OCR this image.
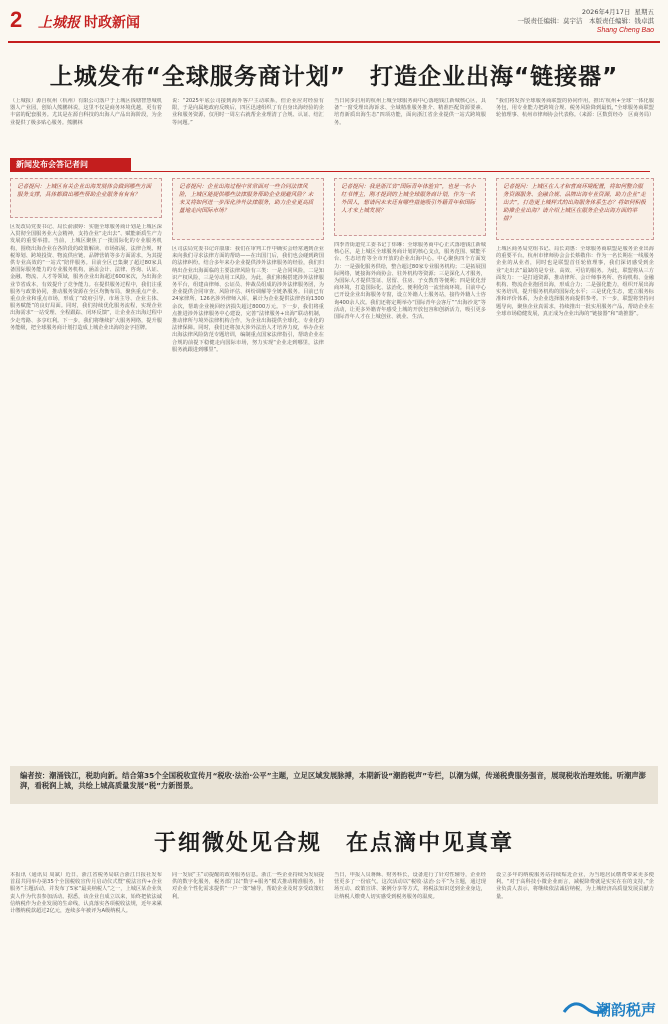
2 上城报 时政新闻
2026年4月17日 星期五
一版责任编辑：莫宇洁　本版责任编辑：钱卓淇
Shang Cheng Bao
上城发布“全球服务商计划”　打造企业出海“链接器”
（上城报）源自杭州（杭州）有限公司落户于上城区钱塘智慧城机器人产业园，创始人熊鹏林说，这里不仅是商务环境优越，更有着丰富的配套服务。尤其是在源自科技的出海人产品出海阶段，为企业提供了极多贴心服务。熊鹏林
说：“2025年底公司接到海外客户主动联系，但企业应对经验有限，于是向属地政府反映后，四区迅速组织了有自身出海经验的企业和服务资源，仅用时一周左右就帮企业理清了合规、认证、结汇等问题。”
当日同步启用的杭州上城全球服务商中心落地钱江新城核心区，具备“一窗受理出海诉求、全域精准服务推介、精准匹配资源要素、培育新质出海生态”四项功能，面向浙江省企业提供一站式跨境服务。
“我们将发挥全球服务商联盟的协同作用，推出‘杭州+全球’一体化服务包，用专业能力把跨境合规、税务风险降到最低，”全球服务商联盟轮值理事、杭州市律师协会代表称。（来源：区数贸经办　区商务局）
新闻发布会答记者问
记者提问：上城区有关企业出海发展体会做到哪些方面服务支撑，具体都做出哪些帮助企业服务有有有？
区发改局党委书记、局长俞淑婷：实施全球服务商计划是上城区深入贯彻全国服务业大会精神，支持企业“走出去”、赋能新质生产力发展的重要举措。当前，上城区聚焦了一批国际化的专业服务机构，围绕出海企业在各阶段的政策解读、市场拓展、法律合规、财税筹划、跨境投资、物流供应链、品牌营销等多方面需求，为其提供专业高效的“一站式”陪伴服务。目前全区已集聚了超过80家具备国际服务能力的专业服务机构，涵盖会计、法律、咨询、认证、金融、物流、人才等领域，服务企业出海超过600家次，为出海企业节省成本，有效提升了竞争能力。在提供服务过程中，我们注重服务与政策协同，推动服务资源在全区均衡布局，聚焦重点产业、重点企业和重点市场，形成了“政府引导、市场主导、企业主体、服务赋能”的良好局面。同时，我们持续优化服务流程，实现企业出海需求“一站受理、全程跟踪、闭环反馈”，让企业在出海过程中少走弯路、多享红利。下一步，我们将继续扩大服务网络，提升服务能级，把全球服务商计划打造成上城企业出海的金字招牌。
记者提问：企业出海过程中常常面对一些合同法律风险，上城区能提供哪些法律服务帮助企业规避风险？未来又将如何进一步深化涉外法律服务，助力企业更高质量地走向国际市场？
区司法局党委书记许康康：我们在审判工作中确实会经常遇到企业来向我们寻求法律方面的帮助——在出国门后，我们也会碰到跨国的法律纠纷。结合多年来办企业提供涉外法律服务的经验，我们归纳出企业出海面临的主要法律风险有三类：一是合同风险，二是知识产权风险，三是劳动用工风险。为此，我们积极搭建涉外法律服务平台，组建由律师、公证员、仲裁员组成的涉外法律服务团，为企业提供合同审查、风险评估、纠纷调解等全链条服务。目前已有24家律所、126名涉外律师入库，累计为企业提供法律咨询1300余次，帮助企业挽回经济损失超过8000万元。下一步，我们将重点推进涉外法律服务中心建设，完善“法律服务+出海”联动机制，推动律所与境外法律机构合作，为企业出海提供全球化、专业化的法律保障。同时，我们还将加大涉外法治人才培养力度，举办企业出海法律风险防范专题培训，编制重点国家法律指引，帮助企业在合规的前提下稳健走向国际市场，努力实现“企业走到哪里，法律服务就跟进到哪里”。
记者提问：我是浙江省“国际青年体验官”，也是一名小红书博主，刚才提到的上城全球服务商计划，作为一名外国人，想请问未来还有哪些措施吸引外籍青年和国际人才来上城发展？
四季青街道党工委书记丁炜琳：全球服务商中心正式落地钱江新城核心区，是上城区全球服务商计划的核心支点，服务范围、赋能平台、生态培育等全市开放的企业出海中心。中心聚焦四个方面发力：一是强化服务供给，整合超过80家专业服务机构；二是拓展国际网络，链接海外商协会、驻外机构等资源；三是深化人才服务，为国际人才提供签证、居留、住房、子女教育等便利；四是优化营商环境，打造国际化、法治化、便利化的一流营商环境。目前中心已开设企业出海服务专窗，设立外籍人士服务站，接待外籍人士咨询400余人次。我们还将定期举办“国际青年会客厅”“出海沙龙”等活动，让更多外籍青年感受上城的开放包容和创新活力，吸引更多国际青年人才在上城创业、就业、生活。
记者提问：上城区在人才和营商环境配置，将如何整合服务资源服务、金融合规、品牌出海专业资源，助力企业“走出去”，打造更上城样式的出海服务体系生态？将如何积极助推企业出海？请介绍上城区在服务企业出海方面的举措？
上城区商务局党组书记、局长刘惠：全球服务商联盟是服务企业出海的重要平台。杭州市律师协会会长蔡敬伟：作为一名长期在一线服务企业的从业者，同时也是联盟首任轮值理事，我们深切感受到企业“走出去”最缺的是专业、高效、可信的服务。为此，联盟将从三方面发力：一是打通资源，推动律所、会计师事务所、咨询机构、金融机构、物流企业抱团出海，形成合力；二是强化能力，组织开展出海实务培训，提升服务机构的国际化水平；三是优化生态，建立服务标准和评价体系，为企业选择服务商提供参考。下一步，联盟将坚持问题导向，聚焦企业真需求，持续推出一批实用服务产品，帮助企业在全球市场稳健发展，真正成为企业出海的“链接器”和“助推器”。
编者按：潮涌钱江，税助向新。结合第35个全国税收宣传月“税收·法治·公平”主题，立足区域发展脉搏，本期新设“潮韵税声”专栏，以潮为媒，传递税费服务强音，展现税收治理效能。听潮声澎湃，看税润上城，共绘上城高质量发展“税”力新图景。
于细微处见合规　在点滴中见真章
本报讯（通讯员 周斌）近日，浙江省税务局联合浙江日报社发布首届共同举办第35个全国税收宣传月启动仪式暨“税法宣传+企业服务”主题活动，并发布了5家“最美纳税人”之一，上城区某企业负责人作为代表参加活动。据悉，该企业自成立以来，始终把依法诚信纳税作为企业发展的生命线，认真落实各项税收法规，近年来累计缴纳税款超过2亿元，连续多年被评为A级纳税人。
同一发展“主”动提醒的政务服务信息。浙江一些企业持续为发展提供的数字化服务，税务部门以“数字+服务”模式推动精准服务，针对企业个性化需求提供“一户一策”辅导，帮助企业及时享受政策红利。
当日，申报人员蒋稣、财务科长，设备进行了针对性辅导，企业经营更多了一份底气。这次活动以“税收·法治·公平”为主题，通过现场互动、政策宣讲、案例分享等方式，将税法知识送到企业身边，让纳税人缴费人切实感受到税务服务的温度。
设立多年的纳税服务站持续贴近企业，为当地居民缴费带来更多便利。“对于高科技小微企业而言，减税降费就是实实在在的支持。”企业负责人表示，将继续依法诚信纳税，为上城经济高质量发展贡献力量。
潮韵税声
